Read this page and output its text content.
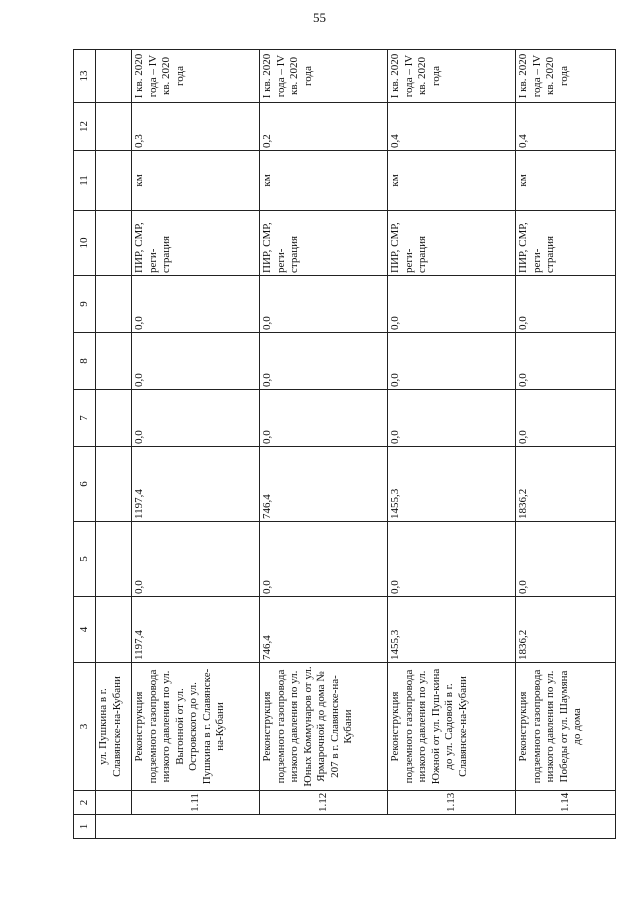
55
1	2	3	4	5	6	7	8	9	10	11	12	13
		ул. Пушкина в г. Славянске-на-Кубани										
	1.11	Реконструкция подземного газопровода низкого давления по ул. Выгонной от ул. Островского до ул. Пушкина в г. Славянске-на-Кубани	1197,4	0,0	1197,4	0,0	0,0	0,0	ПИР, СМР, реги-страция	км	0,3	I кв. 2020 года – IV кв. 2020 года
	1.12	Реконструкция подземного газопровода низкого давления по ул. Юных Коммунаров от ул. Ярмарочной до дома № 207 в г. Славянске-на-Кубани	746,4	0,0	746,4	0,0	0,0	0,0	ПИР, СМР, реги-страция	км	0,2	I кв. 2020 года – IV кв. 2020 года
	1.13	Реконструкция подземного газопровода низкого давления по ул. Южной от ул. Пуш-кина до ул. Садовой в г. Славянске-на-Кубани	1455,3	0,0	1455,3	0,0	0,0	0,0	ПИР, СМР, реги-страция	км	0,4	I кв. 2020 года – IV кв. 2020 года
	1.14	Реконструкция подземного газопровода низкого давления по ул. Победы от ул. Шаумяна до дома	1836,2	0,0	1836,2	0,0	0,0	0,0	ПИР, СМР, реги-страция	км	0,4	I кв. 2020 года – IV кв. 2020 года
